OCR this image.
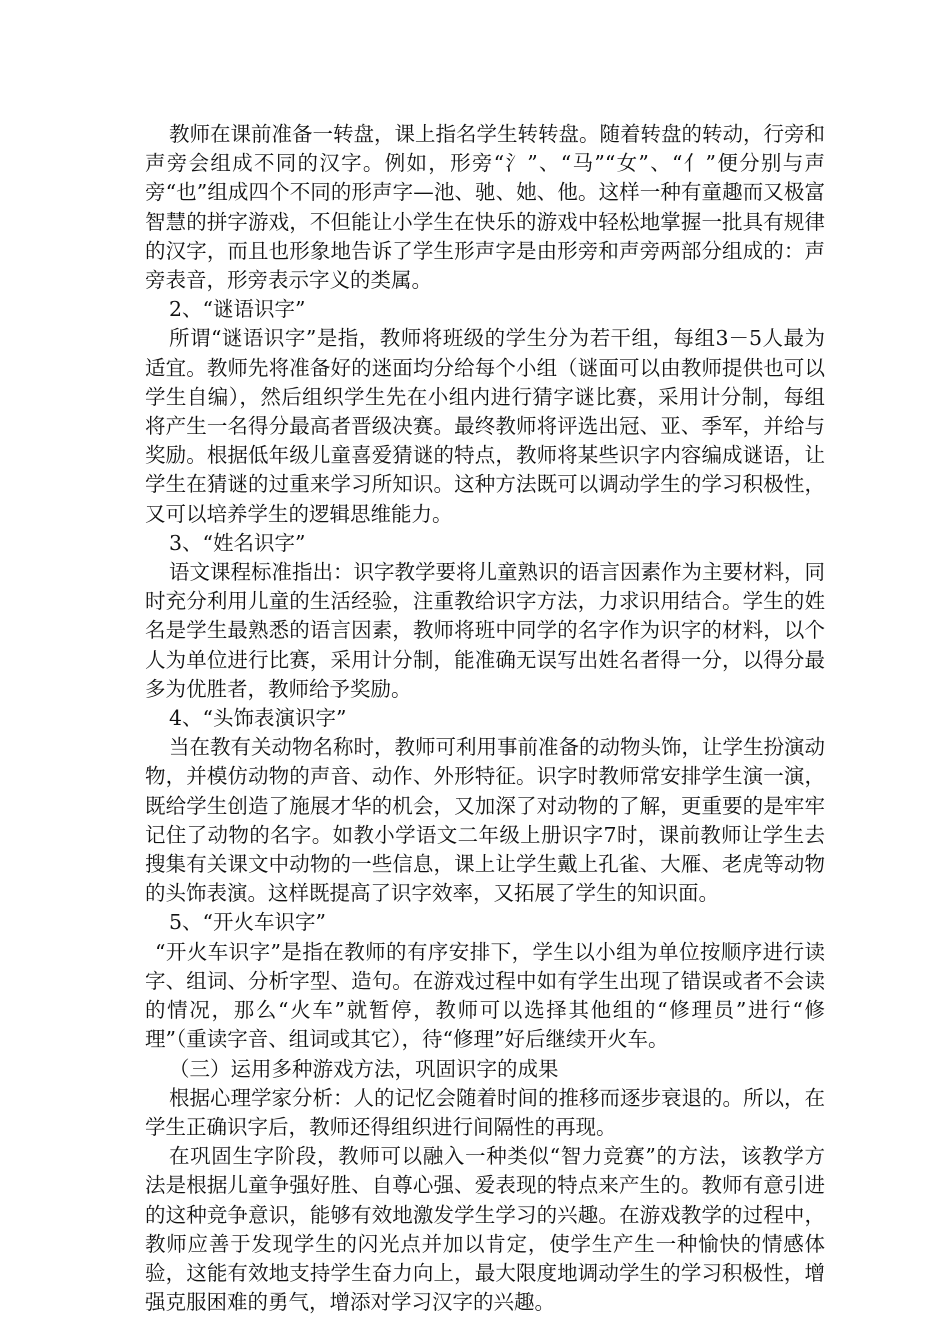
教师在课前准备一转盘，课上指名学生转转盘。随着转盘的转动，行旁和声旁会组成不同的汉字。例如，形旁“氵”、“马”“女”、“亻”便分别与声旁“也”组成四个不同的形声字—池、驰、她、他。这样一种有童趣而又极富智慧的拼字游戏，不但能让小学生在快乐的游戏中轻松地掌握一批具有规律的汉字，而且也形象地告诉了学生形声字是由形旁和声旁两部分组成的：声旁表音，形旁表示字义的类属。

2、“谜语识字”

所谓“谜语识字”是指，教师将班级的学生分为若干组，每组3－5人最为适宜。教师先将准备好的迷面均分给每个小组（谜面可以由教师提供也可以学生自编），然后组织学生先在小组内进行猜字谜比赛，采用计分制，每组将产生一名得分最高者晋级决赛。最终教师将评选出冠、亚、季军，并给与奖励。根据低年级儿童喜爱猜谜的特点，教师将某些识字内容编成谜语，让学生在猜谜的过重来学习所知识。这种方法既可以调动学生的学习积极性，又可以培养学生的逻辑思维能力。

3、“姓名识字”

语文课程标准指出：识字教学要将儿童熟识的语言因素作为主要材料，同时充分利用儿童的生活经验，注重教给识字方法，力求识用结合。学生的姓名是学生最熟悉的语言因素，教师将班中同学的名字作为识字的材料，以个人为单位进行比赛，采用计分制，能准确无误写出姓名者得一分，以得分最多为优胜者，教师给予奖励。

4、“头饰表演识字”

当在教有关动物名称时，教师可利用事前准备的动物头饰，让学生扮演动物，并模仿动物的声音、动作、外形特征。识字时教师常安排学生演一演，既给学生创造了施展才华的机会，又加深了对动物的了解，更重要的是牢牢记住了动物的名字。如教小学语文二年级上册识字7时，课前教师让学生去搜集有关课文中动物的一些信息，课上让学生戴上孔雀、大雁、老虎等动物的头饰表演。这样既提高了识字效率，又拓展了学生的知识面。

5、“开火车识字”

“开火车识字”是指在教师的有序安排下，学生以小组为单位按顺序进行读字、组词、分析字型、造句。在游戏过程中如有学生出现了错误或者不会读的情况，那么“火车”就暂停，教师可以选择其他组的“修理员”进行“修理”（重读字音、组词或其它），待“修理”好后继续开火车。

（三）运用多种游戏方法，巩固识字的成果

根据心理学家分析：人的记忆会随着时间的推移而逐步衰退的。所以，在学生正确识字后，教师还得组织进行间隔性的再现。

在巩固生字阶段，教师可以融入一种类似“智力竞赛”的方法，该教学方法是根据儿童争强好胜、自尊心强、爱表现的特点来产生的。教师有意引进的这种竞争意识，能够有效地激发学生学习的兴趣。在游戏教学的过程中，教师应善于发现学生的闪光点并加以肯定，使学生产生一种愉快的情感体验，这能有效地支持学生奋力向上，最大限度地调动学生的学习积极性，增强克服困难的勇气，增添对学习汉字的兴趣。
